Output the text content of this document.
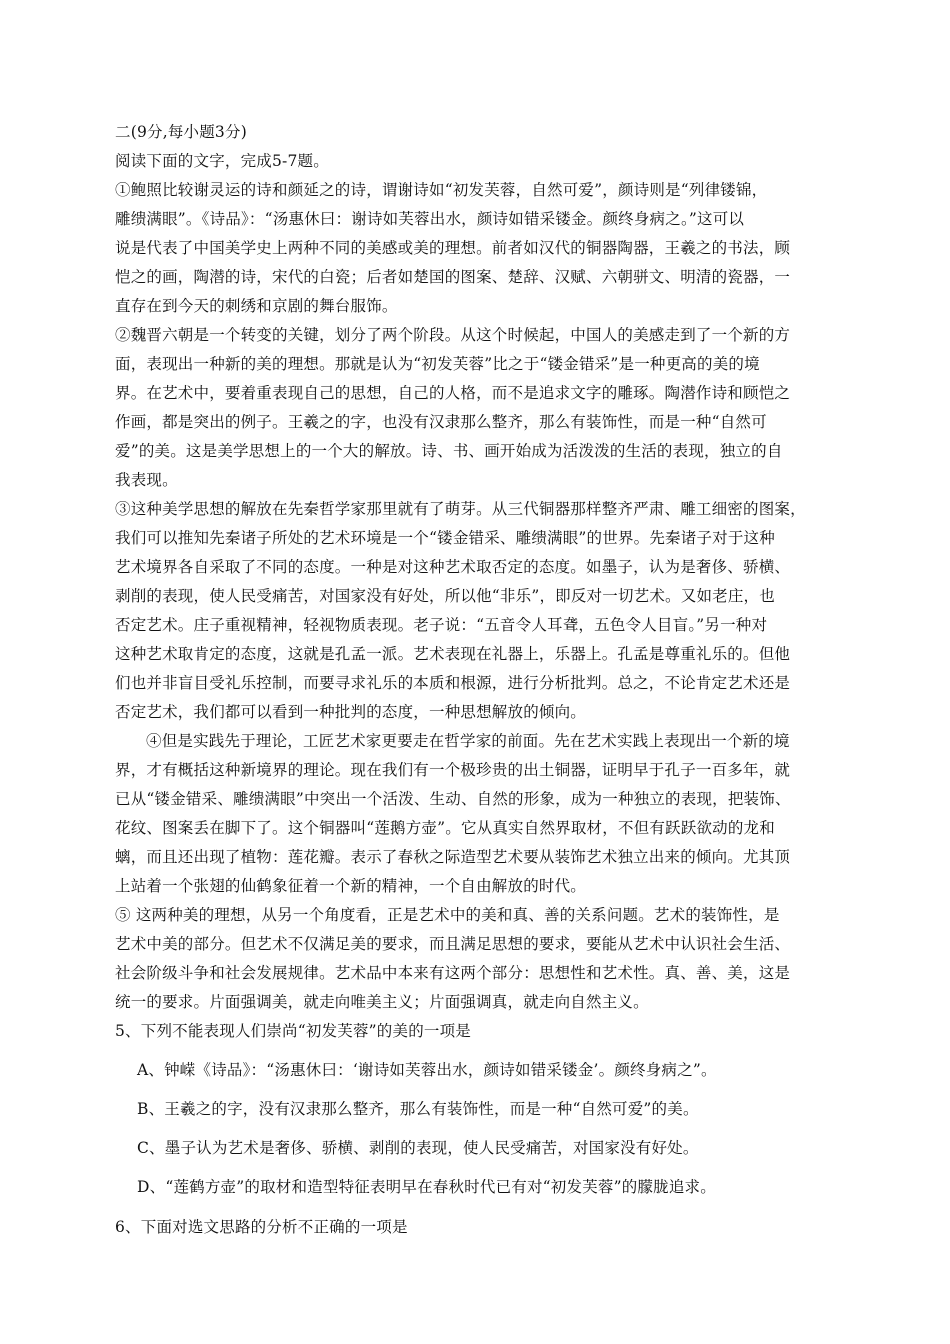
二(9分,每小题3分)

阅读下面的文字，完成5-7题。

①鲍照比较谢灵运的诗和颜延之的诗，谓谢诗如“初发芙蓉，自然可爱”，颜诗则是“列律镂锦，

雕缋满眼”。《诗品》：“汤惠休曰：谢诗如芙蓉出水，颜诗如错采镂金。颜终身病之。”这可以

说是代表了中国美学史上两种不同的美感或美的理想。前者如汉代的铜器陶器，王羲之的书法，顾

恺之的画，陶潜的诗，宋代的白瓷；后者如楚国的图案、楚辞、汉赋、六朝骈文、明清的瓷器，一

直存在到今天的刺绣和京剧的舞台服饰。

②魏晋六朝是一个转变的关键，划分了两个阶段。从这个时候起，中国人的美感走到了一个新的方

面，表现出一种新的美的理想。那就是认为“初发芙蓉”比之于“镂金错采”是一种更高的美的境

界。在艺术中，要着重表现自己的思想，自己的人格，而不是追求文字的雕琢。陶潜作诗和顾恺之

作画，都是突出的例子。王羲之的字，也没有汉隶那么整齐，那么有装饰性，而是一种“自然可

爱”的美。这是美学思想上的一个大的解放。诗、书、画开始成为活泼泼的生活的表现，独立的自

我表现。

③这种美学思想的解放在先秦哲学家那里就有了萌芽。从三代铜器那样整齐严肃、雕工细密的图案，

我们可以推知先秦诸子所处的艺术环境是一个“镂金错采、雕缋满眼”的世界。先秦诸子对于这种

艺术境界各自采取了不同的态度。一种是对这种艺术取否定的态度。如墨子，认为是奢侈、骄横、

剥削的表现，使人民受痛苦，对国家没有好处，所以他“非乐”，即反对一切艺术。又如老庄，也

否定艺术。庄子重视精神，轻视物质表现。老子说：“五音令人耳聋，五色令人目盲。”另一种对

这种艺术取肯定的态度，这就是孔孟一派。艺术表现在礼器上，乐器上。孔孟是尊重礼乐的。但他

们也并非盲目受礼乐控制，而要寻求礼乐的本质和根源，进行分析批判。总之，不论肯定艺术还是

否定艺术，我们都可以看到一种批判的态度，一种思想解放的倾向。

④但是实践先于理论，工匠艺术家更要走在哲学家的前面。先在艺术实践上表现出一个新的境

界，才有概括这种新境界的理论。现在我们有一个极珍贵的出土铜器，证明早于孔子一百多年，就

已从“镂金错采、雕缋满眼”中突出一个活泼、生动、自然的形象，成为一种独立的表现，把装饰、

花纹、图案丢在脚下了。这个铜器叫“莲鹅方壶”。它从真实自然界取材，不但有跃跃欲动的龙和

螭，而且还出现了植物：莲花瓣。表示了春秋之际造型艺术要从装饰艺术独立出来的倾向。尤其顶

上站着一个张翅的仙鹤象征着一个新的精神，一个自由解放的时代。

⑤ 这两种美的理想，从另一个角度看，正是艺术中的美和真、善的关系问题。艺术的装饰性，是

艺术中美的部分。但艺术不仅满足美的要求，而且满足思想的要求，要能从艺术中认识社会生活、

社会阶级斗争和社会发展规律。艺术品中本来有这两个部分：思想性和艺术性。真、善、美，这是

统一的要求。片面强调美，就走向唯美主义；片面强调真，就走向自然主义。

5、下列不能表现人们崇尚“初发芙蓉”的美的一项是

A、钟嵘《诗品》：“汤惠休曰：‘谢诗如芙蓉出水，颜诗如错采镂金’。颜终身病之”。

B、王羲之的字，没有汉隶那么整齐，那么有装饰性，而是一种“自然可爱”的美。

C、墨子认为艺术是奢侈、骄横、剥削的表现，使人民受痛苦，对国家没有好处。

D、“莲鹤方壶”的取材和造型特征表明早在春秋时代已有对“初发芙蓉”的朦胧追求。

6、下面对选文思路的分析不正确的一项是
